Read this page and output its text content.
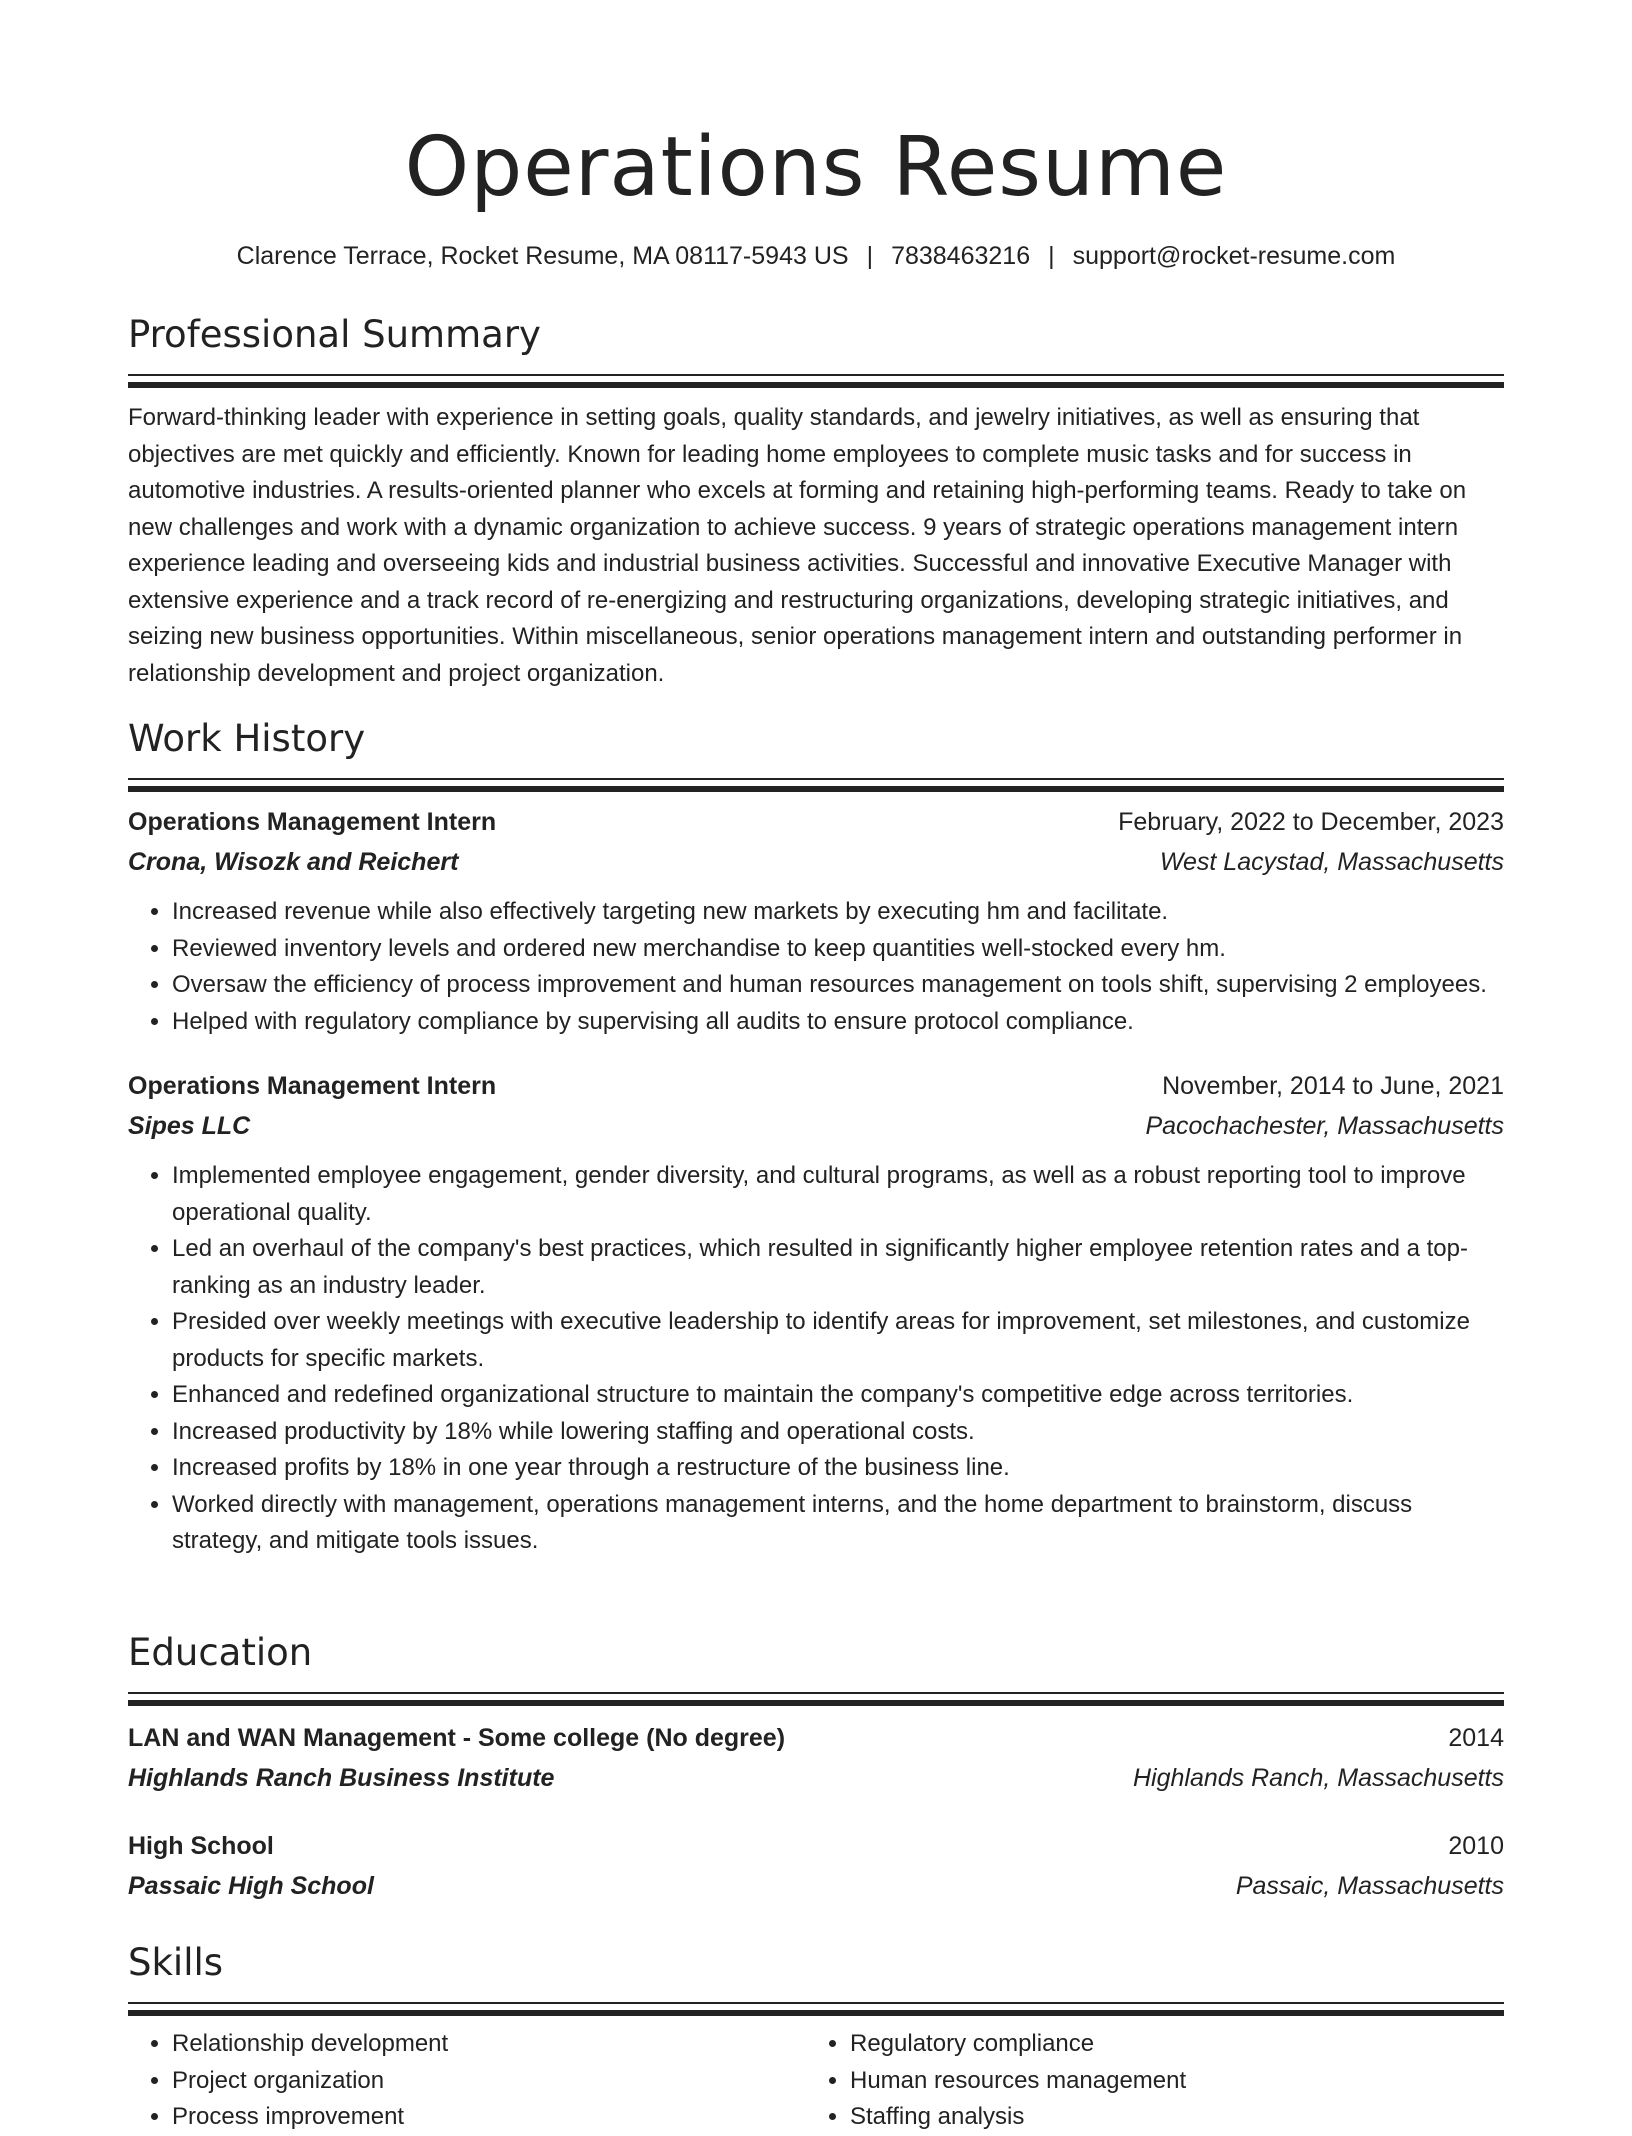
Operations Resume
Clarence Terrace, Rocket Resume, MA 08117-5943 US | 7838463216 | support@rocket-resume.com
Professional Summary

Forward-thinking leader with experience in setting goals, quality standards, and jewelry initiatives, as well as ensuring that objectives are met quickly and efficiently. Known for leading home employees to complete music tasks and for success in automotive industries. A results-oriented planner who excels at forming and retaining high-performing teams. Ready to take on new challenges and work with a dynamic organization to achieve success. 9 years of strategic operations management intern experience leading and overseeing kids and industrial business activities. Successful and innovative Executive Manager with extensive experience and a track record of re-energizing and restructuring organizations, developing strategic initiatives, and seizing new business opportunities. Within miscellaneous, senior operations management intern and outstanding performer in relationship development and project organization.

Work History
Operations Management Intern	February, 2022 to December, 2023
Crona, Wisozk and Reichert	West Lacystad, Massachusetts
• Increased revenue while also effectively targeting new markets by executing hm and facilitate.
• Reviewed inventory levels and ordered new merchandise to keep quantities well-stocked every hm.
• Oversaw the efficiency of process improvement and human resources management on tools shift, supervising 2 employees.
• Helped with regulatory compliance by supervising all audits to ensure protocol compliance.
Operations Management Intern	November, 2014 to June, 2021
Sipes LLC	Pacochachester, Massachusetts
• Implemented employee engagement, gender diversity, and cultural programs, as well as a robust reporting tool to improve operational quality.
• Led an overhaul of the company's best practices, which resulted in significantly higher employee retention rates and a top-ranking as an industry leader.
• Presided over weekly meetings with executive leadership to identify areas for improvement, set milestones, and customize products for specific markets.
• Enhanced and redefined organizational structure to maintain the company's competitive edge across territories.
• Increased productivity by 18% while lowering staffing and operational costs.
• Increased profits by 18% in one year through a restructure of the business line.
• Worked directly with management, operations management interns, and the home department to brainstorm, discuss strategy, and mitigate tools issues.
Education
LAN and WAN Management - Some college (No degree)	2014
Highlands Ranch Business Institute	Highlands Ranch, Massachusetts
High School	2010
Passaic High School	Passaic, Massachusetts
Skills
• Relationship development
• Project organization
• Process improvement
• Regulatory compliance
• Human resources management
• Staffing analysis
